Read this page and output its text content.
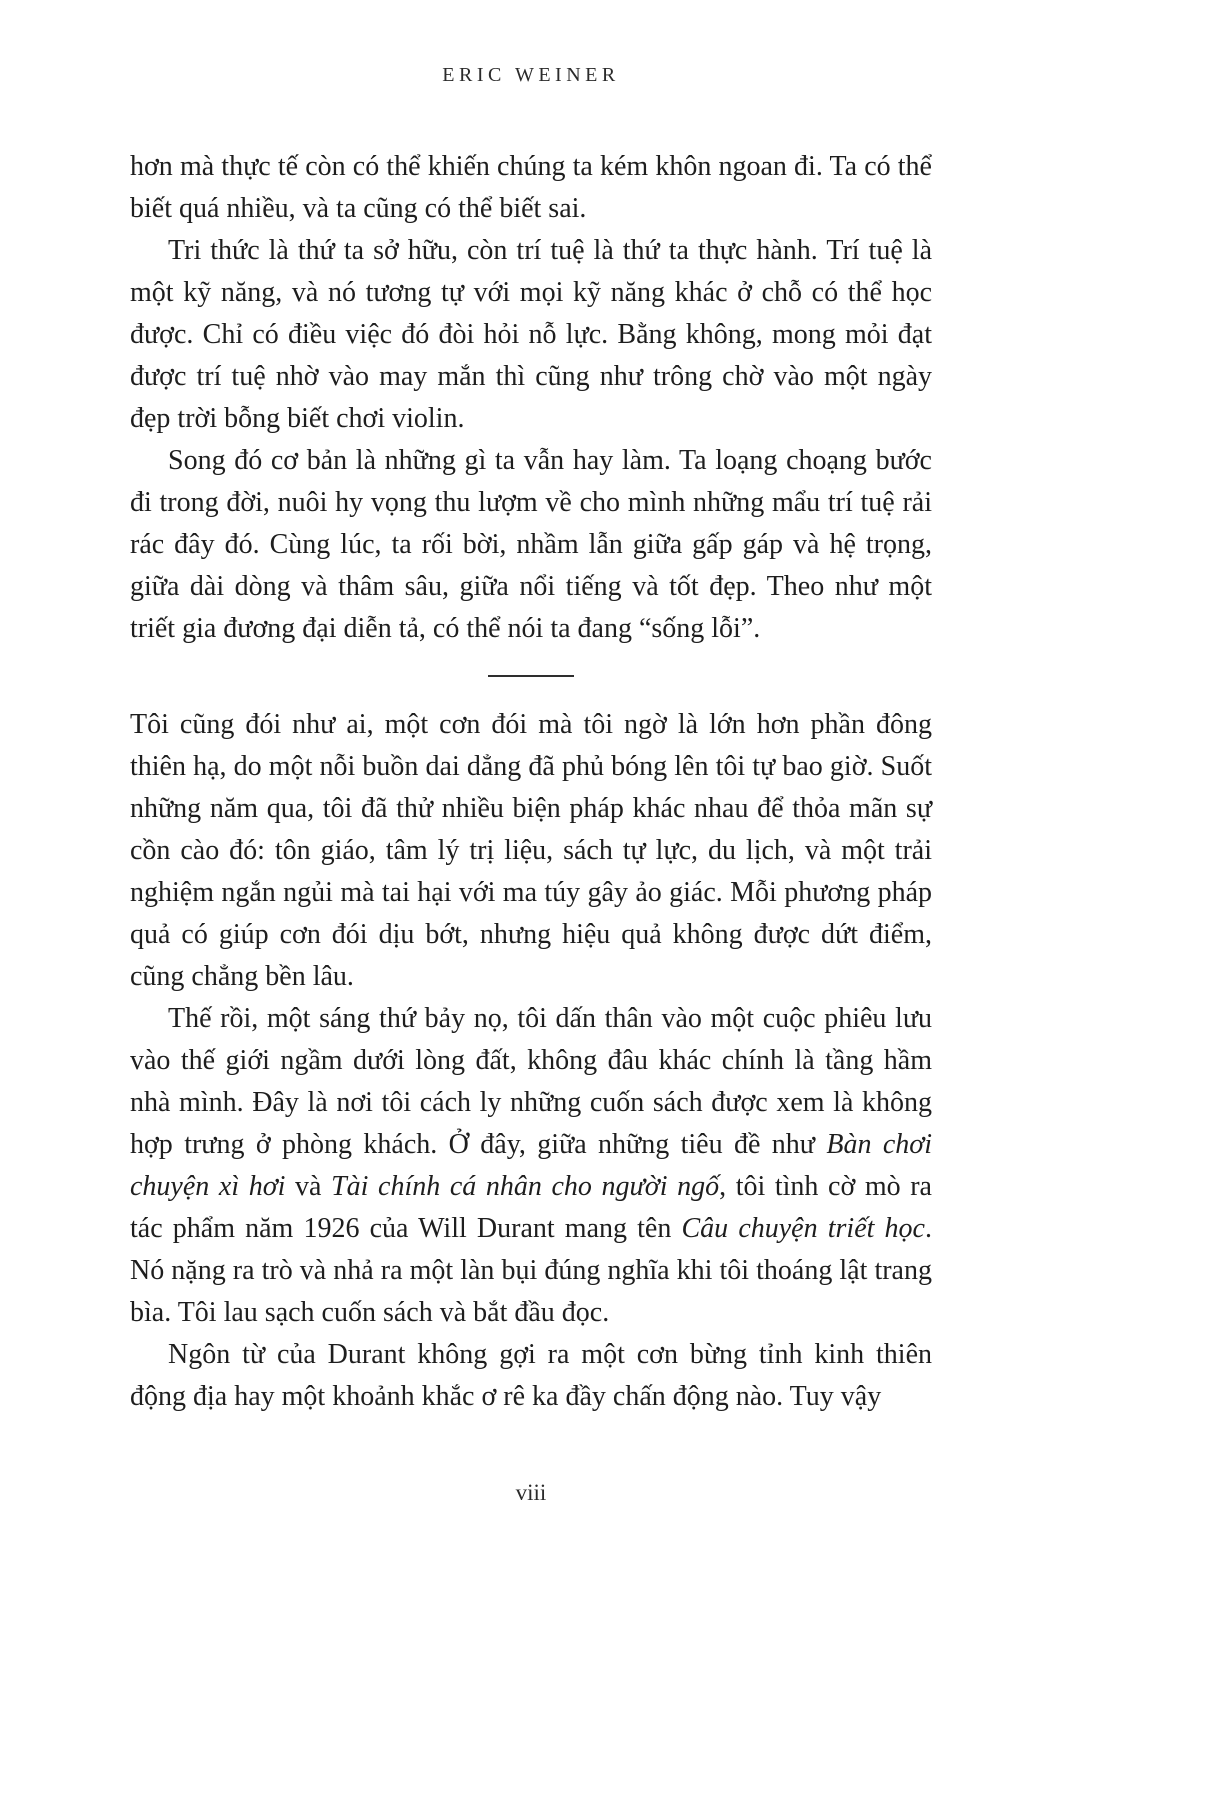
ERIC WEINER

hơn mà thực tế còn có thể khiến chúng ta kém khôn ngoan đi. Ta có thể biết quá nhiều, và ta cũng có thể biết sai.

Tri thức là thứ ta sở hữu, còn trí tuệ là thứ ta thực hành. Trí tuệ là một kỹ năng, và nó tương tự với mọi kỹ năng khác ở chỗ có thể học được. Chỉ có điều việc đó đòi hỏi nỗ lực. Bằng không, mong mỏi đạt được trí tuệ nhờ vào may mắn thì cũng như trông chờ vào một ngày đẹp trời bỗng biết chơi violin.

Song đó cơ bản là những gì ta vẫn hay làm. Ta loạng choạng bước đi trong đời, nuôi hy vọng thu lượm về cho mình những mẩu trí tuệ rải rác đây đó. Cùng lúc, ta rối bời, nhầm lẫn giữa gấp gáp và hệ trọng, giữa dài dòng và thâm sâu, giữa nổi tiếng và tốt đẹp. Theo như một triết gia đương đại diễn tả, có thể nói ta đang “sống lỗi”.

Tôi cũng đói như ai, một cơn đói mà tôi ngờ là lớn hơn phần đông thiên hạ, do một nỗi buồn dai dẳng đã phủ bóng lên tôi tự bao giờ. Suốt những năm qua, tôi đã thử nhiều biện pháp khác nhau để thỏa mãn sự cồn cào đó: tôn giáo, tâm lý trị liệu, sách tự lực, du lịch, và một trải nghiệm ngắn ngủi mà tai hại với ma túy gây ảo giác. Mỗi phương pháp quả có giúp cơn đói dịu bớt, nhưng hiệu quả không được dứt điểm, cũng chẳng bền lâu.

Thế rồi, một sáng thứ bảy nọ, tôi dấn thân vào một cuộc phiêu lưu vào thế giới ngầm dưới lòng đất, không đâu khác chính là tầng hầm nhà mình. Đây là nơi tôi cách ly những cuốn sách được xem là không hợp trưng ở phòng khách. Ở đây, giữa những tiêu đề như Bàn chơi chuyện xì hơi và Tài chính cá nhân cho người ngố, tôi tình cờ mò ra tác phẩm năm 1926 của Will Durant mang tên Câu chuyện triết học. Nó nặng ra trò và nhả ra một làn bụi đúng nghĩa khi tôi thoáng lật trang bìa. Tôi lau sạch cuốn sách và bắt đầu đọc.

Ngôn từ của Durant không gợi ra một cơn bừng tỉnh kinh thiên động địa hay một khoảnh khắc ơ rê ka đầy chấn động nào. Tuy vậy

viii
